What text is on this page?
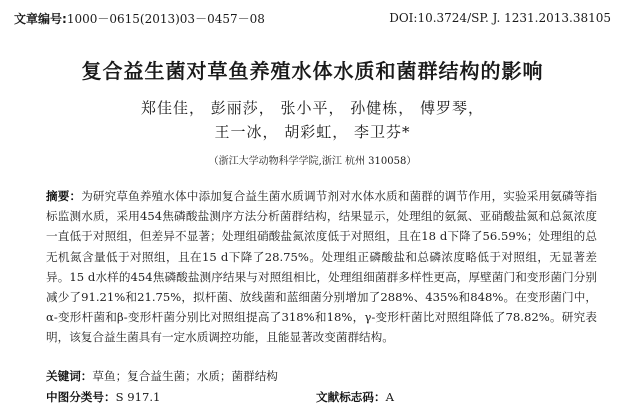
文章编号:1000－0615(2013)03－0457－08	DOI:10.3724/SP. J. 1231.2013.38105
复合益生菌对草鱼养殖水体水质和菌群结构的影响
郑佳佳， 彭丽莎， 张小平， 孙健栋， 傅罗琴，
王一冰， 胡彩虹， 李卫芬*
（浙江大学动物科学学院,浙江 杭州 310058）
摘要：为研究草鱼养殖水体中添加复合益生菌水质调节剂对水体水质和菌群的调节作用，实验采用氨磷等指标监测水质，采用454焦磷酸盐测序方法分析菌群结构，结果显示，处理组的氨氮、亚硝酸盐氮和总氮浓度一直低于对照组，但差异不显著；处理组硝酸盐氮浓度低于对照组，且在18 d下降了56.59%；处理组的总无机氮含量低于对照组，且在15 d下降了28.75%。处理组正磷酸盐和总磷浓度略低于对照组，无显著差异。15 d水样的454焦磷酸盐测序结果与对照组相比，处理组细菌群多样性更高，厚壁菌门和变形菌门分别减少了91.21%和21.75%，拟杆菌、放线菌和蓝细菌分别增加了288%、435%和848%。在变形菌门中，α-变形杆菌和β-变形杆菌分别比对照组提高了318%和18%，γ-变形杆菌比对照组降低了78.82%。研究表明，该复合益生菌具有一定水质调控功能，且能显著改变菌群结构。
关键词：草鱼；复合益生菌；水质；菌群结构
中图分类号：S 917.1	文献标志码：A
